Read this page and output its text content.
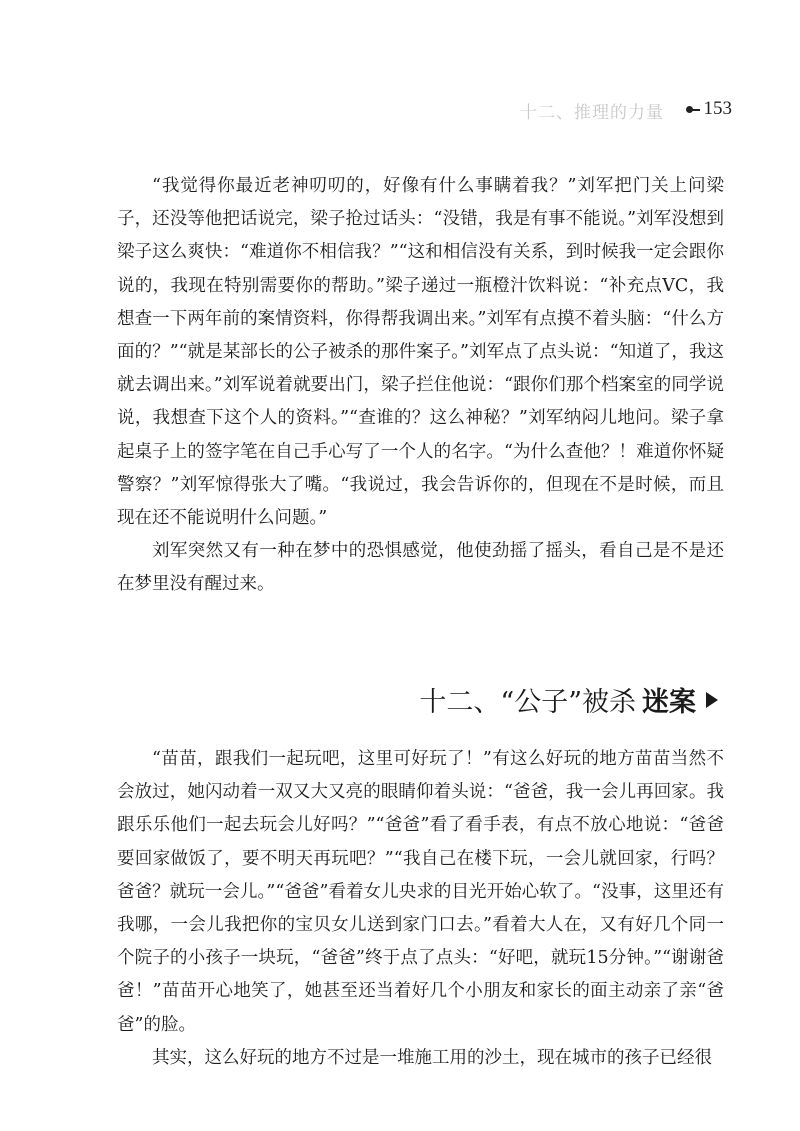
十二、推理的力量 153

“我觉得你最近老神叨叨的，好像有什么事瞒着我？”刘军把门关上问梁子，还没等他把话说完，梁子抢过话头：“没错，我是有事不能说。”刘军没想到梁子这么爽快：“难道你不相信我？”“这和相信没有关系，到时候我一定会跟你说的，我现在特别需要你的帮助。”梁子递过一瓶橙汁饮料说：“补充点VC，我想查一下两年前的案情资料，你得帮我调出来。”刘军有点摸不着头脑：“什么方面的？”“就是某部长的公子被杀的那件案子。”刘军点了点头说：“知道了，我这就去调出来。”刘军说着就要出门，梁子拦住他说：“跟你们那个档案室的同学说说，我想查下这个人的资料。”“查谁的？这么神秘？”刘军纳闷儿地问。梁子拿起桌子上的签字笔在自己手心写了一个人的名字。“为什么查他？！难道你怀疑警察？”刘军惊得张大了嘴。“我说过，我会告诉你的，但现在不是时候，而且现在还不能说明什么问题。”

刘军突然又有一种在梦中的恐惧感觉，他使劲摇了摇头，看自己是不是还在梦里没有醒过来。

十二、“公子”被杀 迷案

“苗苗，跟我们一起玩吧，这里可好玩了！”有这么好玩的地方苗苗当然不会放过，她闪动着一双又大又亮的眼睛仰着头说：“爸爸，我一会儿再回家。我跟乐乐他们一起去玩会儿好吗？”“爸爸”看了看手表，有点不放心地说：“爸爸要回家做饭了，要不明天再玩吧？”“我自己在楼下玩，一会儿就回家，行吗？爸爸？就玩一会儿。”“爸爸”看着女儿央求的目光开始心软了。“没事，这里还有我哪，一会儿我把你的宝贝女儿送到家门口去。”看着大人在，又有好几个同一个院子的小孩子一块玩，“爸爸”终于点了点头：“好吧，就玩15分钟。”“谢谢爸爸！”苗苗开心地笑了，她甚至还当着好几个小朋友和家长的面主动亲了亲“爸爸”的脸。

其实，这么好玩的地方不过是一堆施工用的沙土，现在城市的孩子已经很
